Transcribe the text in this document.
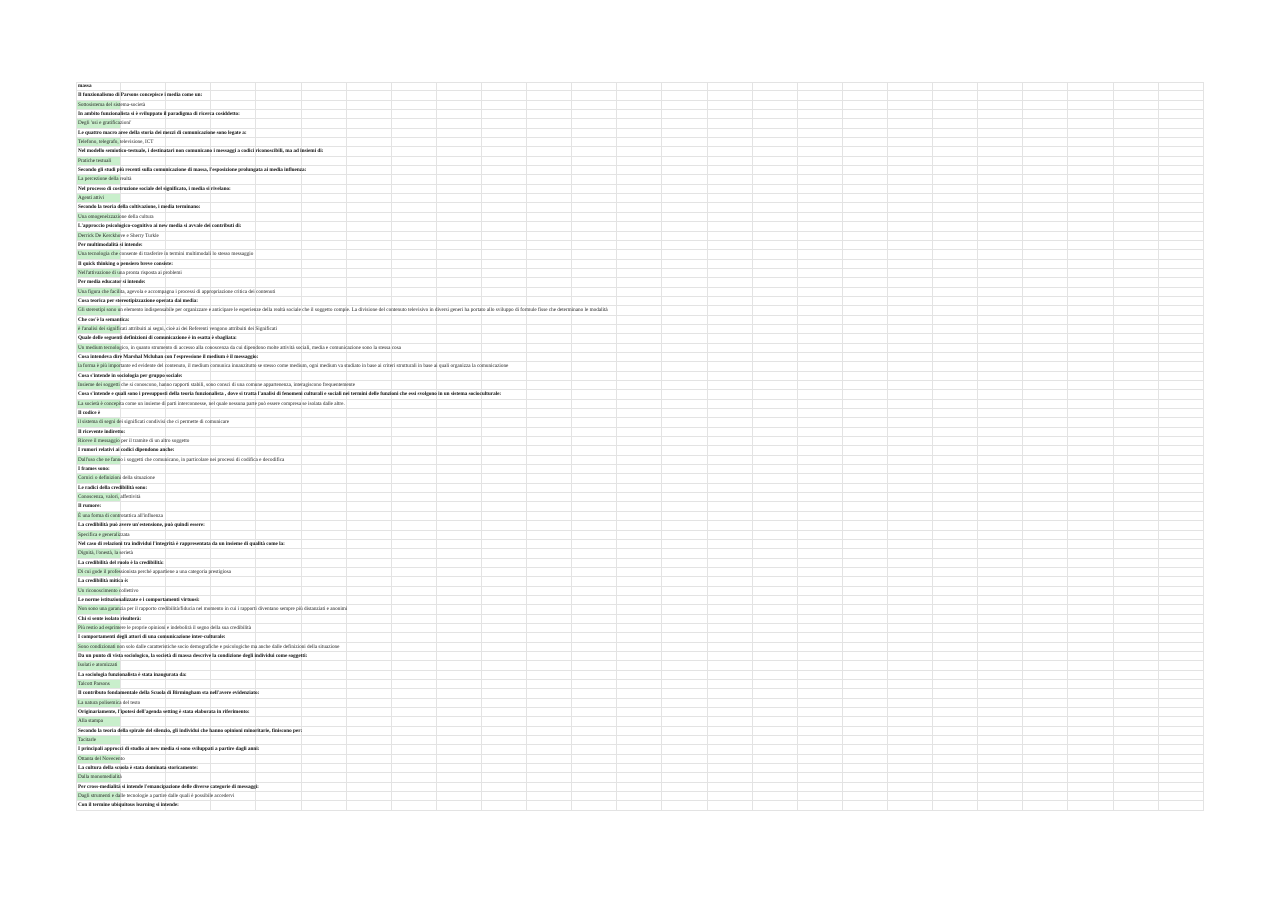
massa
Il funzionalismo di Parsons concepisce i media come un:
Sottosistema del sistema-società
In ambito funzionalista si è sviluppato il paradigma di ricerca cosiddetto:
Degli 'usi e gratificazioni'
Le quattro macro aree della storia dei mezzi di comunicazione sono legate a:
Telefono, telegrafo, televisione, ICT
Nel modello semiotico-testuale, i destinatari non comunicano i messaggi a codici riconoscibili, ma ad insiemi di:
Pratiche testuali
Secondo gli studi più recenti sulla comunicazione di massa, l'esposizione prolungata ai media influenza:
La percezione della realtà
Nel processo di costruzione sociale del significato, i media si rivelano:
Agenti attivi
Secondo la teoria della coltivazione, i media terminano:
Una omogeneizzazione della cultura
L'approccio psicologico-cognitivo ai new media si avvale dei contributi di:
Derrick De Kerckhove e Sherry Turkle
Per multimodalità si intende:
Una tecnologia che consente di trasferire in termini multimodali lo stesso messaggio
Il quick thinking o pensiero breve consiste:
Nell'attivazione di una pronta risposta ai problemi
Per media educator si intende:
Una figura che facilita, agevola e accompagna i processi di appropriazione critica dei contenuti
Cosa teorica per stereotipizzazione operata dai media:
Gli stereotipi sono un elemento indispensabile per organizzare e anticipare le esperienze della realtà sociale che il soggetto compie. La divisione del contenuto televisivo in diversi generi ha portato allo sviluppo di formule fisse che determinano le modalità
Che cos'è la semantica:
è l'analisi dei significati attribuiti ai segni, cioè ai dei Referenti vengono attribuiti dei Significati
Quale delle seguenti definizioni di comunicazione è in esatta è sbagliata:
Un medium tecnologico, in quanto strumento di accesso alla conoscenza da cui dipendono molte attività sociali, media e comunicazione sono la stessa cosa
Cosa intendeva dire Marshal Mcluhan con l'espressione il medium è il messaggio:
la forma è più importante ed evidente del contenuto, il medium comunica innanzitutto se stesso come medium, ogni medium va studiato in base ai criteri strutturali in base ai quali organizza la comunicazione
Cosa s'intende in sociologia per gruppo sociale:
Insieme dei soggetti che si conoscono, hanno rapporti stabili, sono consci di una comune appartenenza, interagiscono frequentemente
Cosa s'intende e quali sono i presupposti della teoria funzionalista , dove si tratta l'analisi di fenomeni culturali e sociali nei termini delle funzioni che essi svolgono in un sistema socioculturale:
La società è concepita come un insieme di parti interconnesse, nel quale nessuna parte può essere compresa se isolata dalle altre.
Il codice è
il sistema di segni dei significati condivisi che ci permette di comunicare
Il ricevente indiretto:
Riceve il messaggio per il tramite di un altro soggetto
I rumori relativi ai codici dipendono anche:
Dall'uso che ne fanno i soggetti che comunicano, in particolare nei processi di codifica e decodifica
I frames sono:
Cornici o definizioni della situazione
Le radici della credibilità sono:
Conoscenza, valori, affettività
Il rumore:
È una forma di controtattica all'influenza
La credibilità può avere un'estensione, può quindi essere:
Specifica e generalizzata
Nel caso di relazioni tra individui l'integrità è rappresentata da un insieme di qualità come la:
Dignità, l'onestà, la serietà
La credibilità del ruolo è la credibilità:
Di cui gode il professionista perché appartiene a una categoria prestigiosa
La credibilità mitica è:
Un riconoscimento collettivo
Le norme istituzionalizzate e i comportamenti virtuosi:
Non sono una garanzia per il rapporto credibilità/fiducia nel momento in cui i rapporti diventano sempre più distanziati e anonimi
Chi si sente isolato risulterà:
Più restio ad esprimere le proprie opinioni e indebolirà il segno della sua credibilità
I comportamenti degli attori di una comunicazione inter-culturale:
Sono condizionati non solo dalle caratteristiche socio demografiche e psicologiche ma anche dalle definizioni della situazione
Da un punto di vista sociologico, la società di massa descrive la condizione degli individui come soggetti:
Isolati e atomizzati
La sociologia funzionalista è stata inaugurata da:
Talcott Parsons
Il contributo fondamentale della Scuola di Birmingham sta nell'avere evidenziato:
La natura polisemica del testo
Originariamente, l'ipotesi dell'agenda setting è stata elaborata in riferimento:
Alla stampa
Secondo la teoria della spirale del silenzio, gli individui che hanno opinioni minoritarie, finiscono per:
Tacitarle
I principali approcci di studio ai new media si sono sviluppati a partire dagli anni:
Ottanta del Novecento
La cultura della scuola è stata dominata storicamente:
Dalla monomedialità
Per cross-medialità si intende l'emancipazione delle diverse categorie di messaggi:
Dagli strumenti e dalle tecnologie a partire dalle quali è possibile accedervi
Con il termine ubiquitous learning si intende:
